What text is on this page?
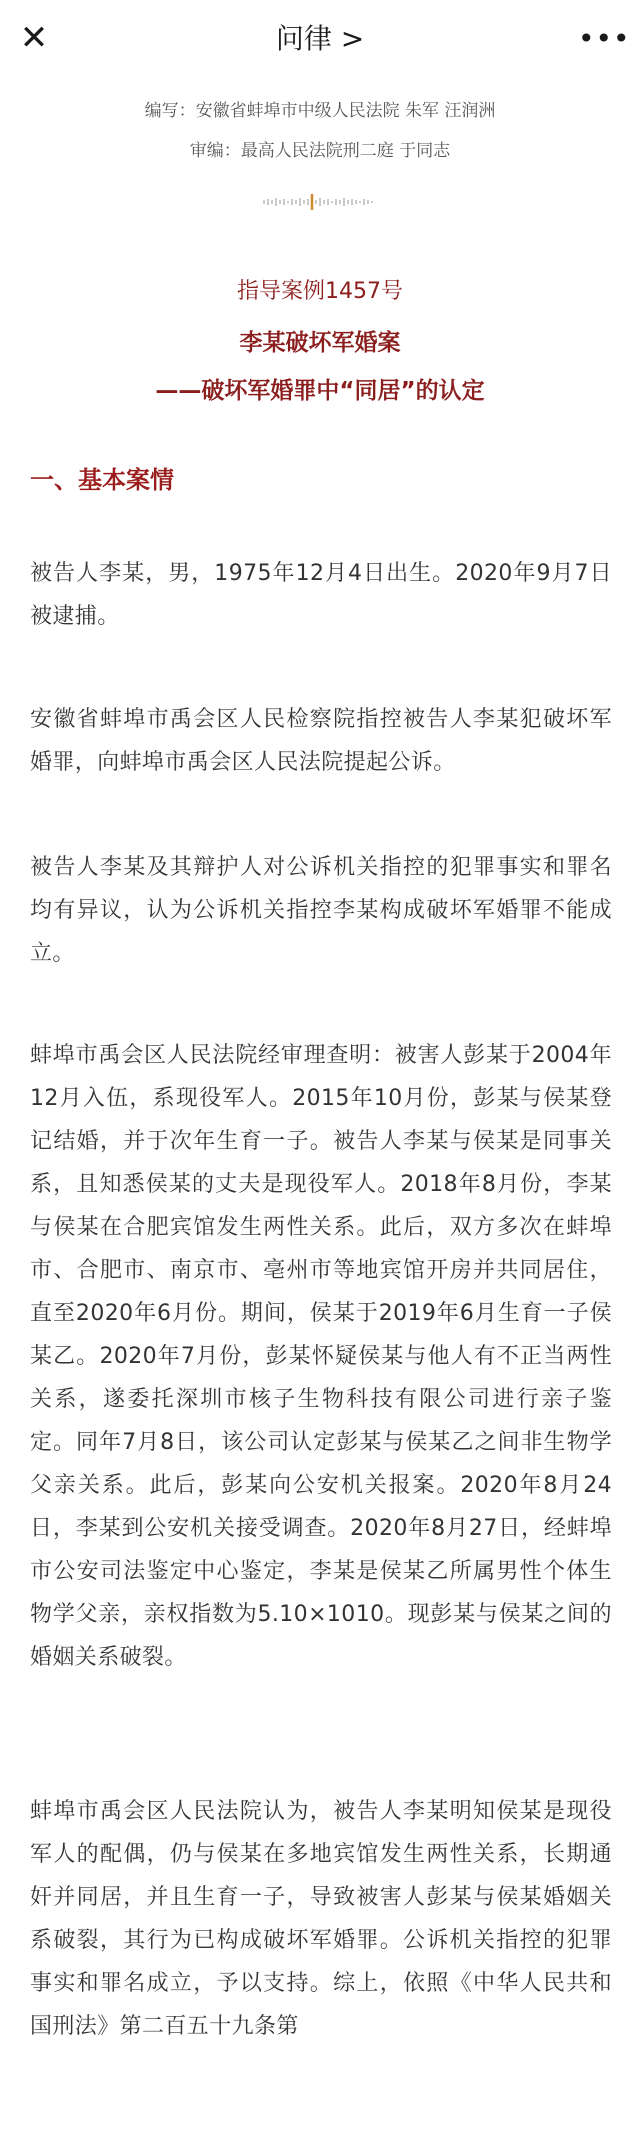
✕	问律 >	•••
编写：安徽省蚌埠市中级人民法院 朱军 汪润洲
审编：最高人民法院刑二庭 于同志
指导案例1457号
李某破坏军婚案
——破坏军婚罪中“同居”的认定
一、基本案情

被告人李某，男，1975年12月4日出生。2020年9月7日被逮捕。

安徽省蚌埠市禹会区人民检察院指控被告人李某犯破坏军婚罪，向蚌埠市禹会区人民法院提起公诉。

被告人李某及其辩护人对公诉机关指控的犯罪事实和罪名均有异议，认为公诉机关指控李某构成破坏军婚罪不能成立。

蚌埠市禹会区人民法院经审理查明：被害人彭某于2004年12月入伍，系现役军人。2015年10月份，彭某与侯某登记结婚，并于次年生育一子。被告人李某与侯某是同事关系，且知悉侯某的丈夫是现役军人。2018年8月份，李某与侯某在合肥宾馆发生两性关系。此后，双方多次在蚌埠市、合肥市、南京市、亳州市等地宾馆开房并共同居住，直至2020年6月份。期间，侯某于2019年6月生育一子侯某乙。2020年7月份，彭某怀疑侯某与他人有不正当两性关系，遂委托深圳市核子生物科技有限公司进行亲子鉴定。同年7月8日，该公司认定彭某与侯某乙之间非生物学父亲关系。此后，彭某向公安机关报案。2020年8月24日，李某到公安机关接受调查。2020年8月27日，经蚌埠市公安司法鉴定中心鉴定，李某是侯某乙所属男性个体生物学父亲，亲权指数为5.10×1010。现彭某与侯某之间的婚姻关系破裂。

蚌埠市禹会区人民法院认为，被告人李某明知侯某是现役军人的配偶，仍与侯某在多地宾馆发生两性关系，长期通奸并同居，并且生育一子，导致被害人彭某与侯某婚姻关系破裂，其行为已构成破坏军婚罪。公诉机关指控的犯罪事实和罪名成立，予以支持。综上，依照《中华人民共和国刑法》第二百五十九条第
